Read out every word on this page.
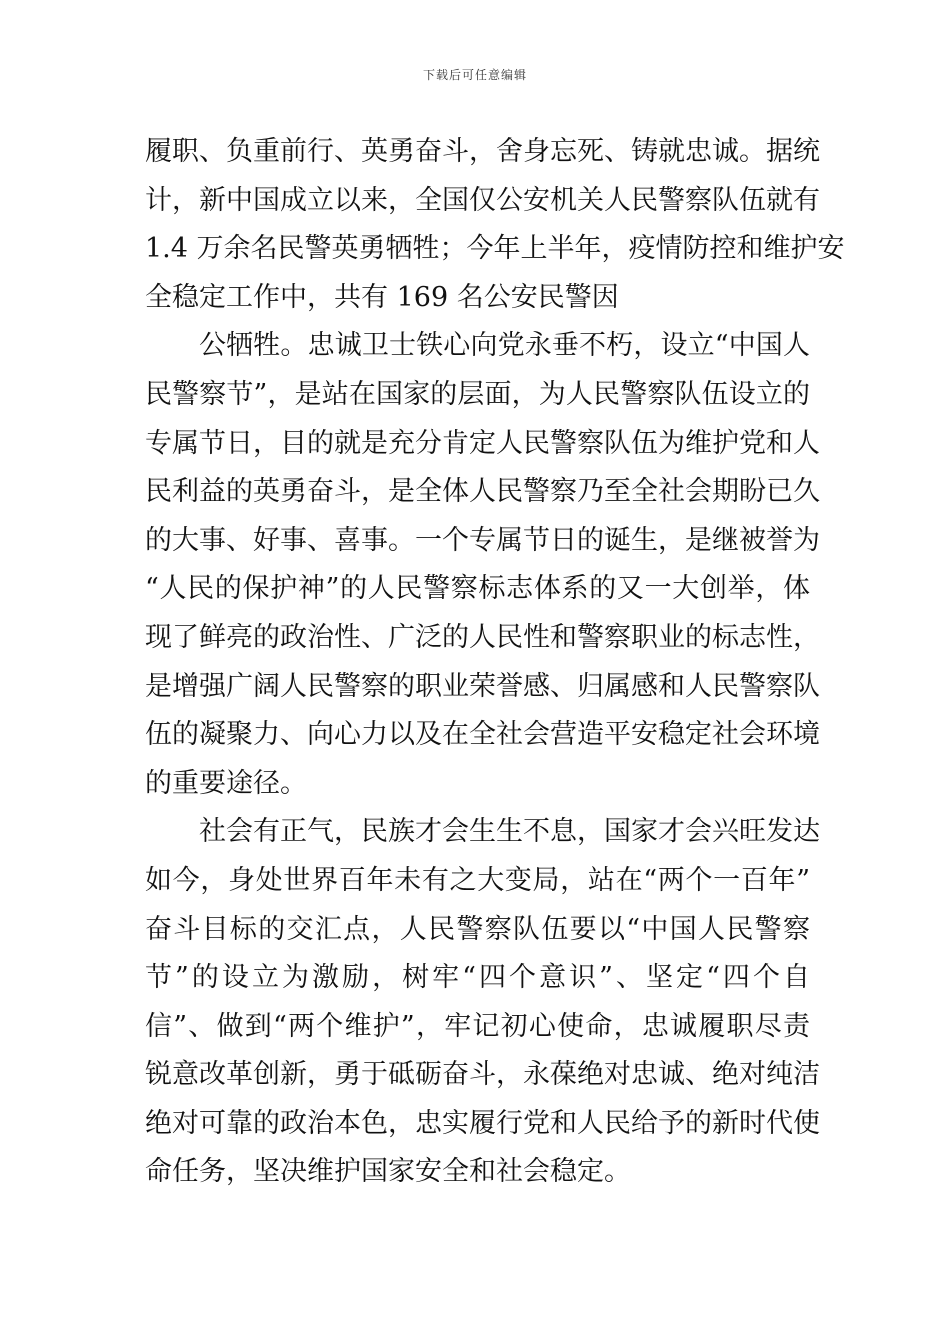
下载后可任意编辑
履职、负重前行、英勇奋斗，舍身忘死、铸就忠诚。据统
计，新中国成立以来，全国仅公安机关人民警察队伍就有
1.4 万余名民警英勇牺牲；今年上半年，疫情防控和维护安
全稳定工作中，共有 169 名公安民警因
公牺牲。忠诚卫士铁心向党永垂不朽，设立“中国人
民警察节”，是站在国家的层面，为人民警察队伍设立的
专属节日，目的就是充分肯定人民警察队伍为维护党和人
民利益的英勇奋斗，是全体人民警察乃至全社会期盼已久
的大事、好事、喜事。一个专属节日的诞生，是继被誉为
“人民的保护神”的人民警察标志体系的又一大创举，体
现了鲜亮的政治性、广泛的人民性和警察职业的标志性，
是增强广阔人民警察的职业荣誉感、归属感和人民警察队
伍的凝聚力、向心力以及在全社会营造平安稳定社会环境
的重要途径。
社会有正气，民族才会生生不息，国家才会兴旺发达
如今，身处世界百年未有之大变局，站在“两个一百年”
奋斗目标的交汇点，人民警察队伍要以“中国人民警察
节”的设立为激励，树牢“四个意识”、坚定“四个自
信”、做到“两个维护”，牢记初心使命，忠诚履职尽责
锐意改革创新，勇于砥砺奋斗，永葆绝对忠诚、绝对纯洁
绝对可靠的政治本色，忠实履行党和人民给予的新时代使
命任务，坚决维护国家安全和社会稳定。
